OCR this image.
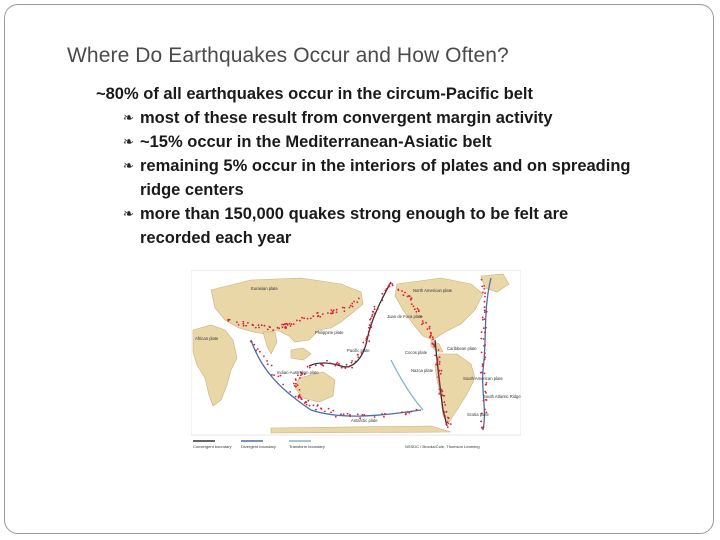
Where Do Earthquakes Occur and How Often?

~80% of all earthquakes occur in the circum-Pacific belt

❧ most of these result from convergent margin activity
❧ ~15% occur in the Mediterranean-Asiatic belt
❧ remaining 5% occur in the interiors of plates and on spreading
ridge centers
❧ more than 150,000 quakes strong enough to be felt are
recorded each year
North American plate
Eurasian plate
African plate
Philippine plate
Pacific plate
Juan de Fuca plate
Cocos plate
Nazca plate
South American plate
Antarctic plate
Indian-Australian plate
Caribbean plate
Scotia plate
South Atlantic Ridge
Convergent boundary Divergent boundary	Transform boundary	NSSDC / Brooks/Cole, Thomson Learning
